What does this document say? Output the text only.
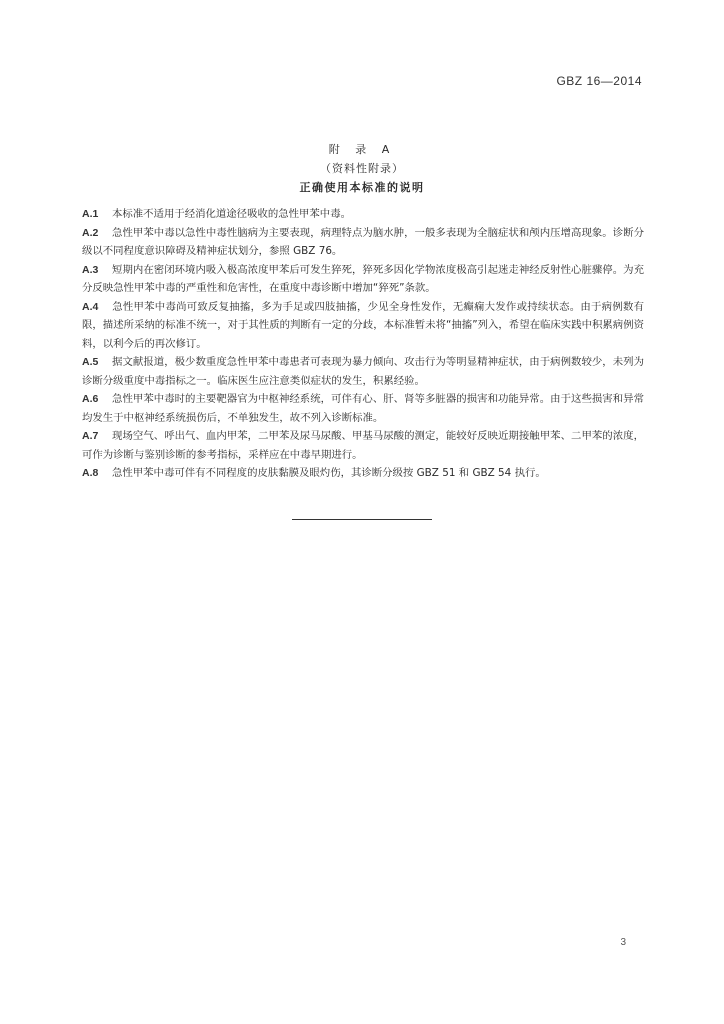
GBZ 16—2014
附 录 A
（资料性附录）
正确使用本标准的说明

A.1 本标准不适用于经消化道途径吸收的急性甲苯中毒。

A.2 急性甲苯中毒以急性中毒性脑病为主要表现，病理特点为脑水肿，一般多表现为全脑症状和颅内压增高现象。诊断分级以不同程度意识障碍及精神症状划分，参照 GBZ 76。

A.3 短期内在密闭环境内吸入极高浓度甲苯后可发生猝死，猝死多因化学物浓度极高引起迷走神经反射性心脏骤停。为充分反映急性甲苯中毒的严重性和危害性，在重度中毒诊断中增加“猝死”条款。

A.4 急性甲苯中毒尚可致反复抽搐，多为手足或四肢抽搐，少见全身性发作，无癫痫大发作或持续状态。由于病例数有限，描述所采纳的标准不统一，对于其性质的判断有一定的分歧，本标准暂未将“抽搐”列入，希望在临床实践中积累病例资料，以利今后的再次修订。

A.5 据文献报道，极少数重度急性甲苯中毒患者可表现为暴力倾向、攻击行为等明显精神症状，由于病例数较少，未列为诊断分级重度中毒指标之一。临床医生应注意类似症状的发生，积累经验。

A.6 急性甲苯中毒时的主要靶器官为中枢神经系统，可伴有心、肝、肾等多脏器的损害和功能异常。由于这些损害和异常均发生于中枢神经系统损伤后，不单独发生，故不列入诊断标准。

A.7 现场空气、呼出气、血内甲苯，二甲苯及尿马尿酸、甲基马尿酸的测定，能较好反映近期接触甲苯、二甲苯的浓度，可作为诊断与鉴别诊断的参考指标，采样应在中毒早期进行。

A.8 急性甲苯中毒可伴有不同程度的皮肤黏膜及眼灼伤，其诊断分级按 GBZ 51 和 GBZ 54 执行。

3
